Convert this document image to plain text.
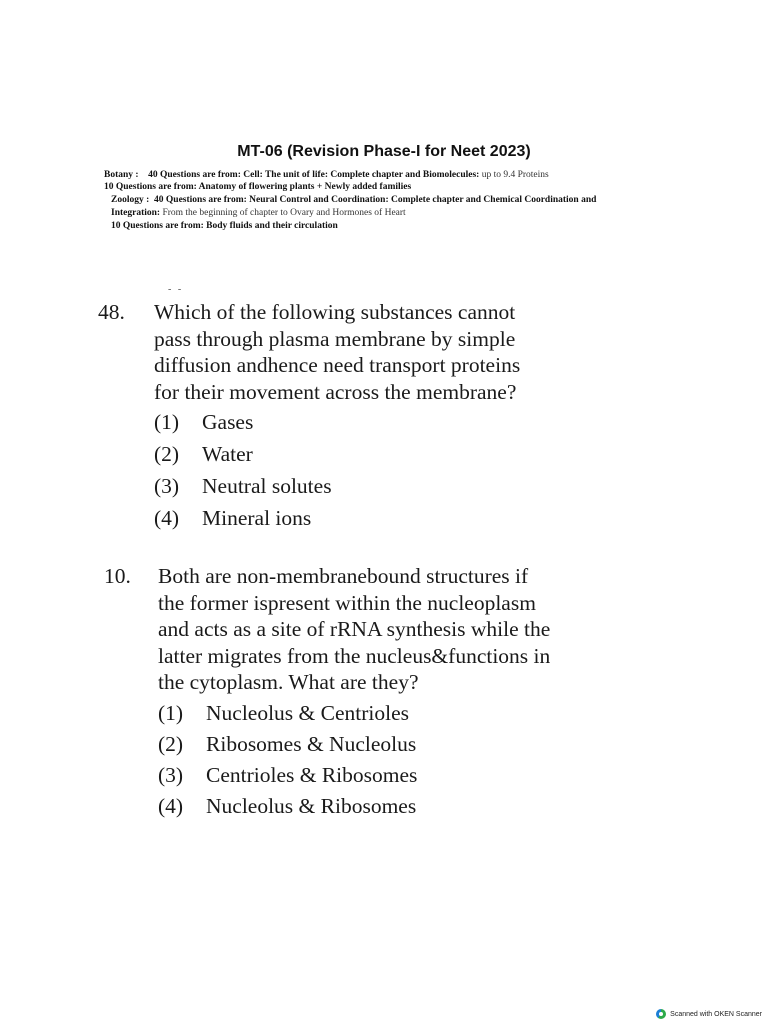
MT-06 (Revision Phase-I for Neet 2023)
Botany : 40 Questions are from: Cell: The unit of life: Complete chapter and Biomolecules: up to 9.4 Proteins
10 Questions are from: Anatomy of flowering plants + Newly added families
Zoology : 40 Questions are from: Neural Control and Coordination: Complete chapter and Chemical Coordination and
Integration: From the beginning of chapter to Ovary and Hormones of Heart
10 Questions are from: Body fluids and their circulation
- -
48. Which of the following substances cannot
pass through plasma membrane by simple
diffusion andhence need transport proteins
for their movement across the membrane?
(1) Gases
(2) Water
(3) Neutral solutes
(4) Mineral ions
10. Both are non-membranebound structures if
the former ispresent within the nucleoplasm
and acts as a site of rRNA synthesis while the
latter migrates from the nucleus&functions in
the cytoplasm. What are they?
(1) Nucleolus & Centrioles
(2) Ribosomes & Nucleolus
(3) Centrioles & Ribosomes
(4) Nucleolus & Ribosomes
Scanned with OKEN Scanner
